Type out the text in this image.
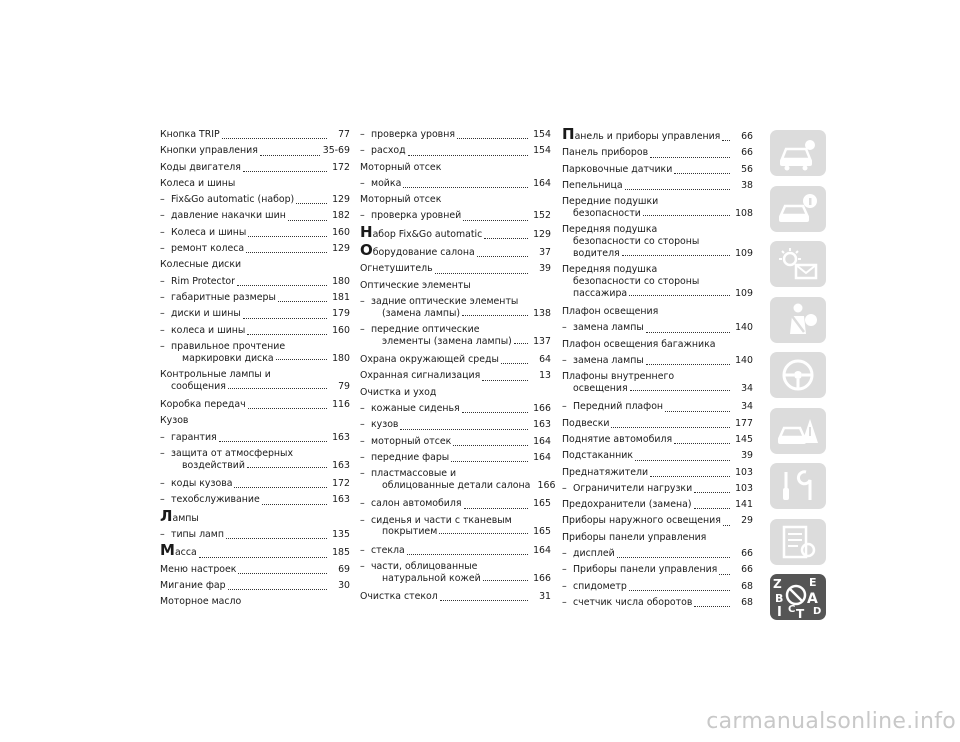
Кнопка TRIP	77
Кнопки управления	35-69
Коды двигателя	172
Колеса и шины
– Fix&Go automatic (набор)	129
– давление накачки шин	182
– Колеса и шины	160
– ремонт колеса	129
Колесные диски
– Rim Protector	180
– габаритные размеры	181
– диски и шины	179
– колеса и шины	160
– правильное прочтение
маркировки диска	180
Контрольные лампы и
сообщения	79
Коробка передач	116
Кузов
– гарантия	163
– защита от атмосферных
воздействий	163
– коды кузова	172
– техобслуживание	163
Лампы
– типы ламп	135
Масса	185
Меню настроек	69
Мигание фар	30
Моторное масло
– проверка уровня	154
– расход	154
Моторный отсек
– мойка	164
Моторный отсек
– проверка уровней	152
Набор Fix&Go automatic	129
Оборудование салона	37
Огнетушитель	39
Оптические элементы
– задние оптические элементы
(замена лампы)	138
– передние оптические
элементы (замена лампы) 137
Охрана окружающей среды	64
Охранная сигнализация	13
Очистка и уход
– кожаные сиденья	166
– кузов	163
– моторный отсек	164
– передние фары	164
– пластмассовые и
облицованные детали салона 166
– салон автомобиля	165
– сиденья и части с тканевым
покрытием	165
– стекла	164
– части, облицованные
натуральной кожей	166
Очистка стекол	31
Панель и приборы управления	66
Панель приборов	66
Парковочные датчики	56
Пепельница	38
Передние подушки
безопасности	108
Передняя подушка
безопасности со стороны
водителя	109
Передняя подушка
безопасности со стороны
пассажира	109
Плафон освещения
– замена лампы	140
Плафон освещения багажника
– замена лампы	140
Плафоны внутреннего
освещения	34
– Передний плафон	34
Подвески	177
Поднятие автомобиля	145
Подстаканник	39
Преднатяжители	103
– Ограничители нагрузки	103
Предохранители (замена)	141
Приборы наружного освещения	29
Приборы панели управления
– дисплей	66
– Приборы панели управления	66
– спидометр	68
– счетчик числа оборотов	68
Z E
B A
I C T D
carmanualsonline.info
